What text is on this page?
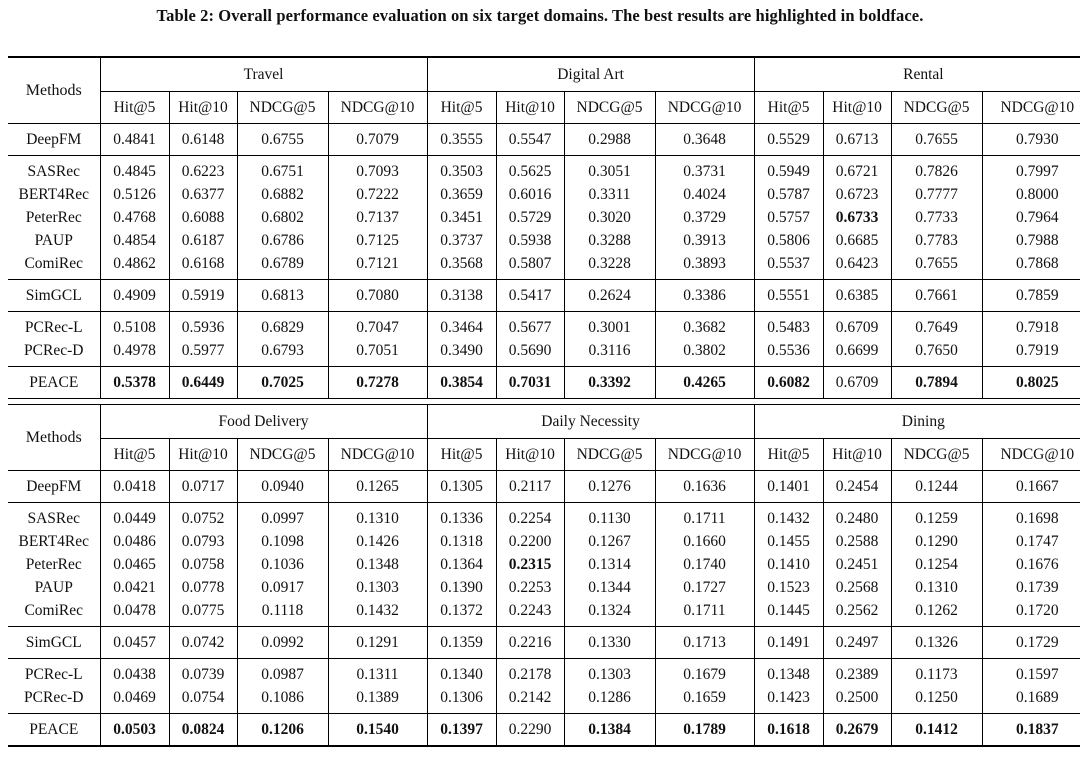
Table 2: Overall performance evaluation on six target domains. The best results are highlighted in boldface.
Methods	Travel				Digital Art				Rental			
	Hit@5	Hit@10	NDCG@5	NDCG@10	Hit@5	Hit@10	NDCG@5	NDCG@10	Hit@5	Hit@10	NDCG@5	NDCG@10
DeepFM	0.4841	0.6148	0.6755	0.7079	0.3555	0.5547	0.2988	0.3648	0.5529	0.6713	0.7655	0.7930
SASRec	0.4845	0.6223	0.6751	0.7093	0.3503	0.5625	0.3051	0.3731	0.5949	0.6721	0.7826	0.7997
BERT4Rec	0.5126	0.6377	0.6882	0.7222	0.3659	0.6016	0.3311	0.4024	0.5787	0.6723	0.7777	0.8000
PeterRec	0.4768	0.6088	0.6802	0.7137	0.3451	0.5729	0.3020	0.3729	0.5757	0.6733	0.7733	0.7964
PAUP	0.4854	0.6187	0.6786	0.7125	0.3737	0.5938	0.3288	0.3913	0.5806	0.6685	0.7783	0.7988
ComiRec	0.4862	0.6168	0.6789	0.7121	0.3568	0.5807	0.3228	0.3893	0.5537	0.6423	0.7655	0.7868
SimGCL	0.4909	0.5919	0.6813	0.7080	0.3138	0.5417	0.2624	0.3386	0.5551	0.6385	0.7661	0.7859
PCRec-L	0.5108	0.5936	0.6829	0.7047	0.3464	0.5677	0.3001	0.3682	0.5483	0.6709	0.7649	0.7918
PCRec-D	0.4978	0.5977	0.6793	0.7051	0.3490	0.5690	0.3116	0.3802	0.5536	0.6699	0.7650	0.7919
PEACE	0.5378	0.6449	0.7025	0.7278	0.3854	0.7031	0.3392	0.4265	0.6082	0.6709	0.7894	0.8025
Methods	Food Delivery				Daily Necessity				Dining			
	Hit@5	Hit@10	NDCG@5	NDCG@10	Hit@5	Hit@10	NDCG@5	NDCG@10	Hit@5	Hit@10	NDCG@5	NDCG@10
DeepFM	0.0418	0.0717	0.0940	0.1265	0.1305	0.2117	0.1276	0.1636	0.1401	0.2454	0.1244	0.1667
SASRec	0.0449	0.0752	0.0997	0.1310	0.1336	0.2254	0.1130	0.1711	0.1432	0.2480	0.1259	0.1698
BERT4Rec	0.0486	0.0793	0.1098	0.1426	0.1318	0.2200	0.1267	0.1660	0.1455	0.2588	0.1290	0.1747
PeterRec	0.0465	0.0758	0.1036	0.1348	0.1364	0.2315	0.1314	0.1740	0.1410	0.2451	0.1254	0.1676
PAUP	0.0421	0.0778	0.0917	0.1303	0.1390	0.2253	0.1344	0.1727	0.1523	0.2568	0.1310	0.1739
ComiRec	0.0478	0.0775	0.1118	0.1432	0.1372	0.2243	0.1324	0.1711	0.1445	0.2562	0.1262	0.1720
SimGCL	0.0457	0.0742	0.0992	0.1291	0.1359	0.2216	0.1330	0.1713	0.1491	0.2497	0.1326	0.1729
PCRec-L	0.0438	0.0739	0.0987	0.1311	0.1340	0.2178	0.1303	0.1679	0.1348	0.2389	0.1173	0.1597
PCRec-D	0.0469	0.0754	0.1086	0.1389	0.1306	0.2142	0.1286	0.1659	0.1423	0.2500	0.1250	0.1689
PEACE	0.0503	0.0824	0.1206	0.1540	0.1397	0.2290	0.1384	0.1789	0.1618	0.2679	0.1412	0.1837
